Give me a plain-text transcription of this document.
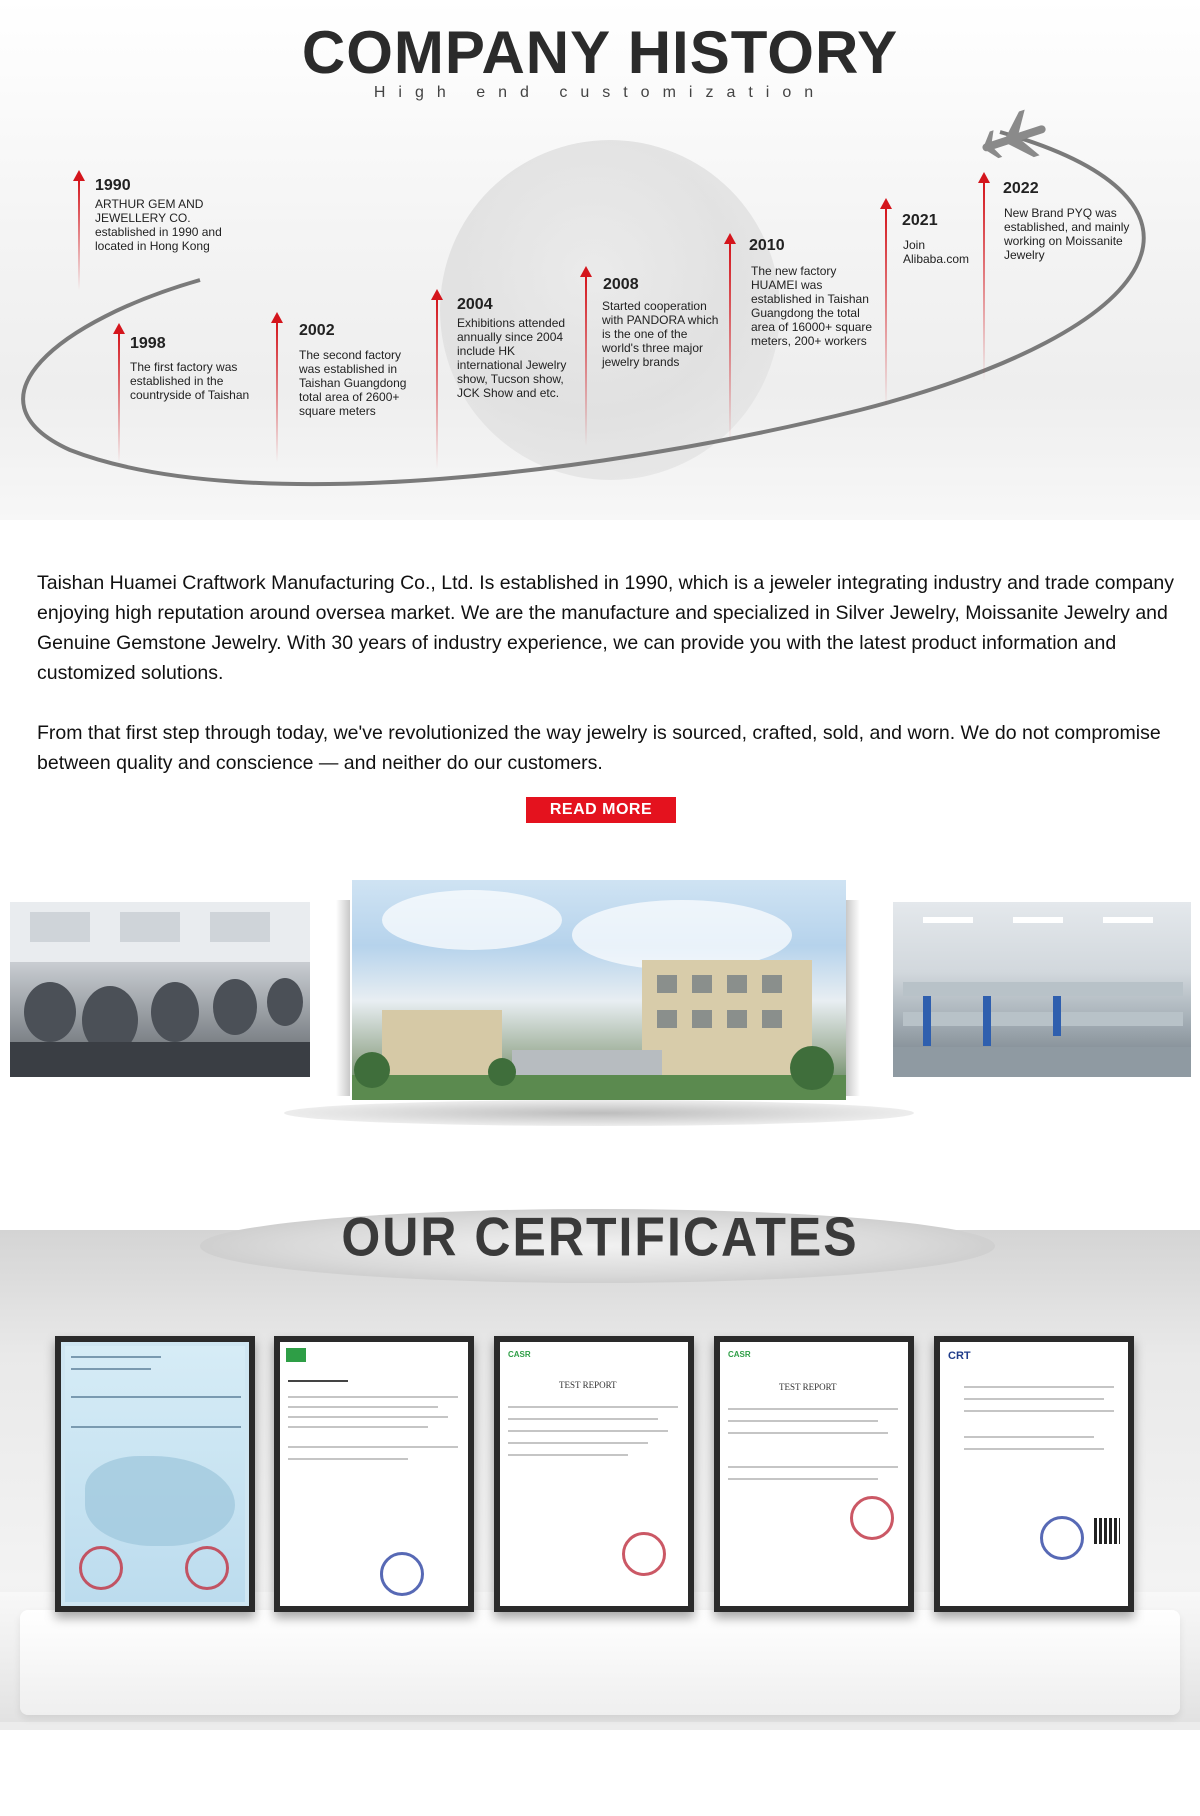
COMPANY HISTORY
High end customization
1990
ARTHUR GEM AND JEWELLERY CO. established in 1990 and located in Hong Kong
1998
The first factory was established in the countryside of Taishan
2002
The second factory was established in Taishan Guangdong total area of 2600+ square meters
2004
Exhibitions attended annually since 2004 include HK international Jewelry show, Tucson show, JCK Show and etc.
2008
Started cooperation with PANDORA which is the one of the world's three major jewelry brands
2010
The new factory HUAMEI was established in Taishan Guangdong the total area of 16000+ square meters, 200+ workers
2021
Join Alibaba.com
2022
New Brand PYQ was established, and mainly working on Moissanite Jewelry

Taishan Huamei Craftwork Manufacturing Co., Ltd. Is established in 1990, which is a jeweler integrating industry and trade company enjoying high reputation around oversea market. We are the manufacture and specialized in Silver Jewelry, Moissanite Jewelry and Genuine Gemstone Jewelry. With 30 years of industry experience, we can provide you with the latest product information and customized solutions.

From that first step through today, we've revolutionized the way jewelry is sourced, crafted, sold, and worn. We do not compromise between quality and conscience — and neither do our customers.

READ MORE
OUR CERTIFICATES
CASR
TEST REPORT
CASR
TEST REPORT
CRT
